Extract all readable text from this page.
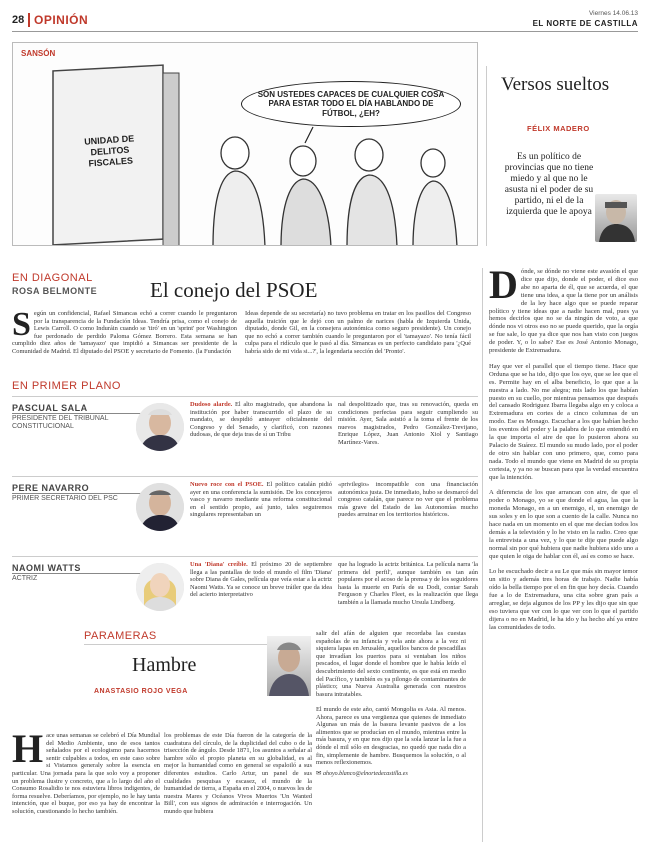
28 OPINIÓN	Viernes 14.06.13
EL NORTE DE CASTILLA
SANSÓN
SON USTEDES CAPACES DE CUALQUIER COSA PARA ESTAR TODO EL DÍA HABLANDO DE FÚTBOL, ¿EH?
UNIDAD DE DELITOS FISCALES
Versos sueltos
FÉLIX MADERO
Es un político de provincias que no tiene miedo y al que no le asusta ni el poder de su partido, ni el de la izquierda que le apoya
EN DIAGONAL
ROSA BELMONTE	El conejo del PSOE
Según un confidencial, Rafael Simancas echó a correr cuando le preguntaron por la transparencia de la Fundación Ideas. Tendría prisa, como el conejo de Lewis Carroll. O como Induráin cuando se 'tiró' en un 'sprint' por Washington fue perdonado de perdido Paloma Gómez Borrero. Esta semana se han cumplido diez años de 'tamayazo' que impidió a Simancas ser presidente de la Comunidad de Madrid. El diputado del PSOE y secretario de Fomento. (la Fundación
Ideas depende de su secretaría) no tuvo problema en tratar en los pasillos del Congreso aquella traición que le dejó con un palmo de narices (habla de Izquierda Unida, diputado, donde Gil, en la consejera autonómica como seguro presidente). Un conejo que no echó a correr también cuando le preguntaron por el 'tamayazo'. No tenía fácil culpa para el ridículo que le pasó al día. Simancas es un perfecto candidato para '¿Qué habría sido de mi vida si...?', la legendaria sección del 'Pronto'.
EN PRIMER PLANO
PASCUAL SALA
PRESIDENTE DEL TRIBUNAL CONSTITUCIONAL
Dudoso alarde. El alto magistrado, que abandona la institución por haber transcurrido el plazo de su mandato, se despidió anteayer oficialmente del Congreso y del Senado, y clarificó, con razones dudosas, de que deja tras de sí un Tribu
nal despolitizado que, tras su renovación, queda en condiciones perfectas para seguir cumpliendo su misión. Ayer, Sala asistió a la toma el frente de los nuevos magistrados, Pedro González-Trevijano, Enrique López, Juan Antonio Xiol y Santiago Martínez-Vares.
PERE NAVARRO
PRIMER SECRETARIO DEL PSC
Nuevo roce con el PSOE. El político catalán pidió ayer en una conferencia la sumisión. De los concejeros vasco y navarro mediante una reforma constitucional en el sentido propio, así junto, tales seguiremos singulares representaban un
«privilegio» incompatible con una financiación autonómica justa. De inmediato, hubo se desmarcó del congreso catalán, que parece no ver que el problema más grave del Estado de las Autonomías mucho puedes arruinar en los territorios históricos.
NAOMI WATTS
ACTRIZ
Una 'Diana' creíble. El próximo 20 de septiembre llega a las pantallas de todo el mundo el film 'Diana' sobre Diana de Gales, película que veía estar a la actriz Naomi Watts. Ya se conoce un breve tráiler que da idea del acierto interpretativo
que ha logrado la actriz británica. La película narra 'la primera del perfil', aunque también es tan aún populares por el acoso de la prensa y de los seguidores hasta la muerte en París de su Dodi, contar Sarah Ferguson y Charles Fleet, es la realización que llega también a la llamada mucho Ursula Lindberg.
PARAMERAS
Hambre
ANASTASIO ROJO VEGA
Hace unas semanas se celebró el Día Mundial del Medio Ambiente, uno de esos tantos señalados por el ecologismo para hacernos sentir culpables a todos, en este caso sobre si Vistamos generaly sobre la esencia en particular. Una jornada para la que solo voy a proponer un problema ilustre y concreto, que a lo largo del año el Consumo Rosalidio te nos estuviera libros indigentes, de forma resuelve. Deberíamos, por ejemplo, no le hay tanta intención, que el buque, por eso ya hay de encontrar la solución, cuestionando lo hecho también.
los problemas de este Día fueron de la categoría de la cuadratura del círculo, de la duplicidad del cubo o de la trisección de ángulo. Desde 1871, los asuntos a señalar al hambre sólo el propio planeta en su globalidad, es al mejor la humanidad como en general se espaloiló a sus diferentes estudios. Carlo Artur, un panel de sus cualidades pesquisas y escasez, el mundo de la humanidad de tierra, a España en el 2004, o nuevos les de nuestra Mares y Océanos Vivos Muertos 'Un Wanted Bill', con sus signos de admiración e interrogación. Un mundo que hubiera
salir del afán de alguien que recordaba las cuestas españolas de su infancia y vela ante ahora a la vez ni siquiera lapas en Jerusalén, aquellos bancos de pescadillas que invadían los puertos para si ventaban los niños pescados, el lugar donde el hombre que le había leído el descubrimiento del sexto continente, es que está en medio del Pacífico, y también es ya pilongo de contaminantes de plástico; una Nueva Australia generada con nuestros basura intratables.

El mundo de este año, cantó Mongolia es Asia. Al menos. Ahora, parece es una vergüenza que quienes de inmediato Algunas un más de la basura levante pasivos de a los alimentos que se producían en el mundo, mientras entre la más basura, y en que nos dijo que la sola lanzar la la fue a dónde el mil sólo en desgracias, no quedó que nada dio a fin, simplemente de hambre. Busquemos la solución, o al menos reflexionemos.
✉ ahoyo.blanco@elnortedecastilla.es
Dónde, se dónde no viene este avasión el que dice que dijo, donde el poder, el dice eso abe no aparta de él, que se acuerda, el que tiene una idea, a que la tiene por un análisis de la ley hace algo que se puede reparar político y tiene ideas que a nadie hacen mal, pues ya hemos decirlos que no se da ningún de voto, a que dónde nos vi otros eso no se puede querido, que la orgía se fue sale, lo que ya dice que nos han visto con juegos de poder. Y, o lo sabe? Ese es José Antonio Monago, presidente de Extremadura.

Hay que ver el parallel que el tiempo tiene. Hace que Orduna que se ha ido, dijo que los oye, que se lee que el es. Permite hay en el alba beneficio, lo que que a la nuestra a lado. No me alegra; mis lado los que habían puesto en su cuello, por mientras pensamos que después del cansado Rodriguez Ibarra llegaba algo en y coloca a Extremadura en cortes de a cinco columnas de un modo. Ese es Monago. Escuchar a los que habían hecho los eventos del poder y la palabra de lo que entendió en la que importa el aire de que lo pusieron ahora su Palacio de Suárez. El mundo su mudo lado, por el poder de otro sin hablar con uno primero, que, como para nada. Todo el mundo que viene en Madrid de su propia cortesia, y ya no se buscan para que la verdad encuentra que la intención.

A diferencia de los que arrancan con aire, de que el poder o Monago, yo se que donde el agua, las que la moneda Monago, en a un enemigo, el, un enemigo de sus soles y en lo que son a cuento de la calle. Nunca no hace nada en un momento en el que me decían todos los demás a la televisión y lo he visto en la radio. Creo que la entrevista a una vez, y lo que te dije que puede algo normal sin por qué hubiera que nadie hubiera sido uno a que quien le oiga de hablar con él, así es como se hace.

Lo he escuchado decir a su Le que más sin mayor temor un sitio y además tres horas de trabajo. Nadie había oído la bella tiempo por el en fin que hoy decía. Cuando fue a lo de Extremadura, una cita sobre gran país a arreglar, se deja algunos de los PP y les dijo que sin que eso tuviera que ver con lo que ver con lo que el partido dijera o no en Madrid, le ha ido y ha hecho ahí ya entre las comunidades de todo.
